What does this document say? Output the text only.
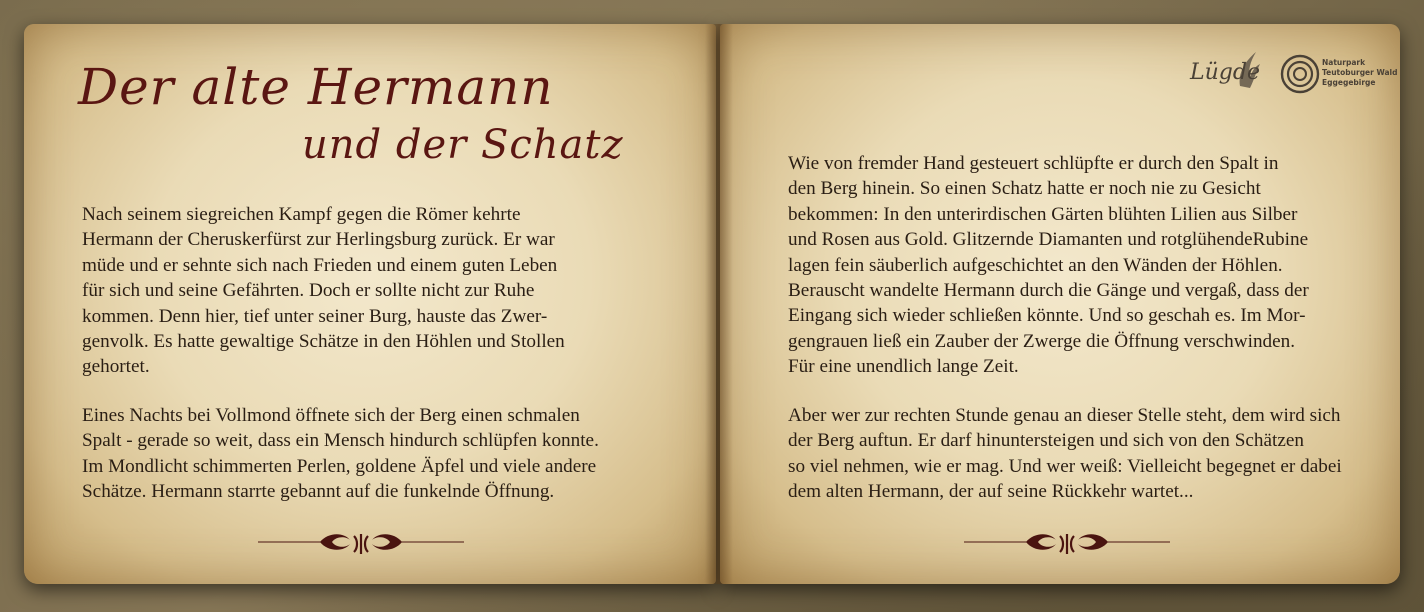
Der alte Hermann
und der Schatz
Nach seinem siegreichen Kampf gegen die Römer kehrte
Hermann der Cheruskerfürst zur Herlingsburg zurück. Er war
müde und er sehnte sich nach Frieden und einem guten Leben
für sich und seine Gefährten. Doch er sollte nicht zur Ruhe
kommen. Denn hier, tief unter seiner Burg, hauste das Zwer-
genvolk. Es hatte gewaltige Schätze in den Höhlen und Stollen
gehortet.
Eines Nachts bei Vollmond öffnete sich der Berg einen schmalen
Spalt - gerade so weit, dass ein Mensch hindurch schlüpfen konnte.
Im Mondlicht schimmerten Perlen, goldene Äpfel und viele andere
Schätze. Hermann starrte gebannt auf die funkelnde Öffnung.
Wie von fremder Hand gesteuert schlüpfte er durch den Spalt in
den Berg hinein. So einen Schatz hatte er noch nie zu Gesicht
bekommen: In den unterirdischen Gärten blühten Lilien aus Silber
und Rosen aus Gold. Glitzernde Diamanten und rotglühendeRubine
lagen fein säuberlich aufgeschichtet an den Wänden der Höhlen.
Berauscht wandelte Hermann durch die Gänge und vergaß, dass der
Eingang sich wieder schließen könnte. Und so geschah es. Im Mor-
gengrauen ließ ein Zauber der Zwerge die Öffnung verschwinden.
Für eine unendlich lange Zeit.
Aber wer zur rechten Stunde genau an dieser Stelle steht, dem wird sich
der Berg auftun. Er darf hinuntersteigen und sich von den Schätzen
so viel nehmen, wie er mag. Und wer weiß: Vielleicht begegnet er dabei
dem alten Hermann, der auf seine Rückkehr wartet...
Lügde	Naturpark
Teutoburger Wald
Eggegebirge
